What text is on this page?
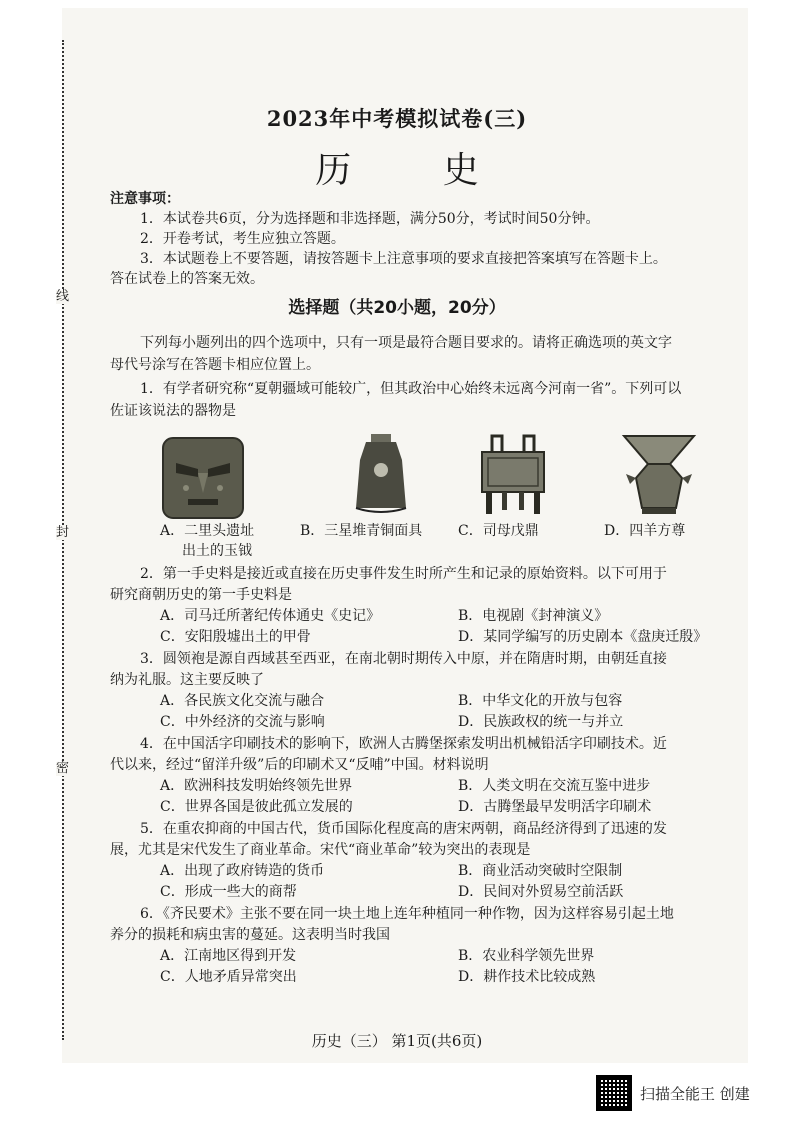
线
封
密
2023年中考模拟试卷(三)
历 史
注意事项：
1．本试卷共6页，分为选择题和非选择题，满分50分，考试时间50分钟。
2．开卷考试，考生应独立答题。
3．本试题卷上不要答题，请按答题卡上注意事项的要求直接把答案填写在答题卡上。
答在试卷上的答案无效。
选择题（共20小题，20分）
下列每小题列出的四个选项中，只有一项是最符合题目要求的。请将正确选项的英文字
母代号涂写在答题卡相应位置上。
1．有学者研究称“夏朝疆域可能较广，但其政治中心始终未远离今河南一省”。下列可以
佐证该说法的器物是
A．二里头遗址
出土的玉钺
B．三星堆青铜面具	C．司母戊鼎	D．四羊方尊
2．第一手史料是接近或直接在历史事件发生时所产生和记录的原始资料。以下可用于
研究商朝历史的第一手史料是
A．司马迁所著纪传体通史《史记》	B．电视剧《封神演义》
C．安阳殷墟出土的甲骨	D．某同学编写的历史剧本《盘庚迁殷》
3．圆领袍是源自西域甚至西亚，在南北朝时期传入中原，并在隋唐时期，由朝廷直接
纳为礼服。这主要反映了
A．各民族文化交流与融合	B．中华文化的开放与包容
C．中外经济的交流与影响	D．民族政权的统一与并立
4．在中国活字印刷技术的影响下，欧洲人古腾堡探索发明出机械铅活字印刷技术。近
代以来，经过“留洋升级”后的印刷术又“反哺”中国。材料说明
A．欧洲科技发明始终领先世界	B．人类文明在交流互鉴中进步
C．世界各国是彼此孤立发展的	D．古腾堡最早发明活字印刷术
5．在重农抑商的中国古代，货币国际化程度高的唐宋两朝，商品经济得到了迅速的发
展，尤其是宋代发生了商业革命。宋代“商业革命”较为突出的表现是
A．出现了政府铸造的货币	B．商业活动突破时空限制
C．形成一些大的商帮	D．民间对外贸易空前活跃
6．《齐民要术》主张不要在同一块土地上连年种植同一种作物，因为这样容易引起土地
养分的损耗和病虫害的蔓延。这表明当时我国
A．江南地区得到开发	B．农业科学领先世界
C．人地矛盾异常突出	D．耕作技术比较成熟
历史（三） 第1页(共6页)
扫描全能王 创建
